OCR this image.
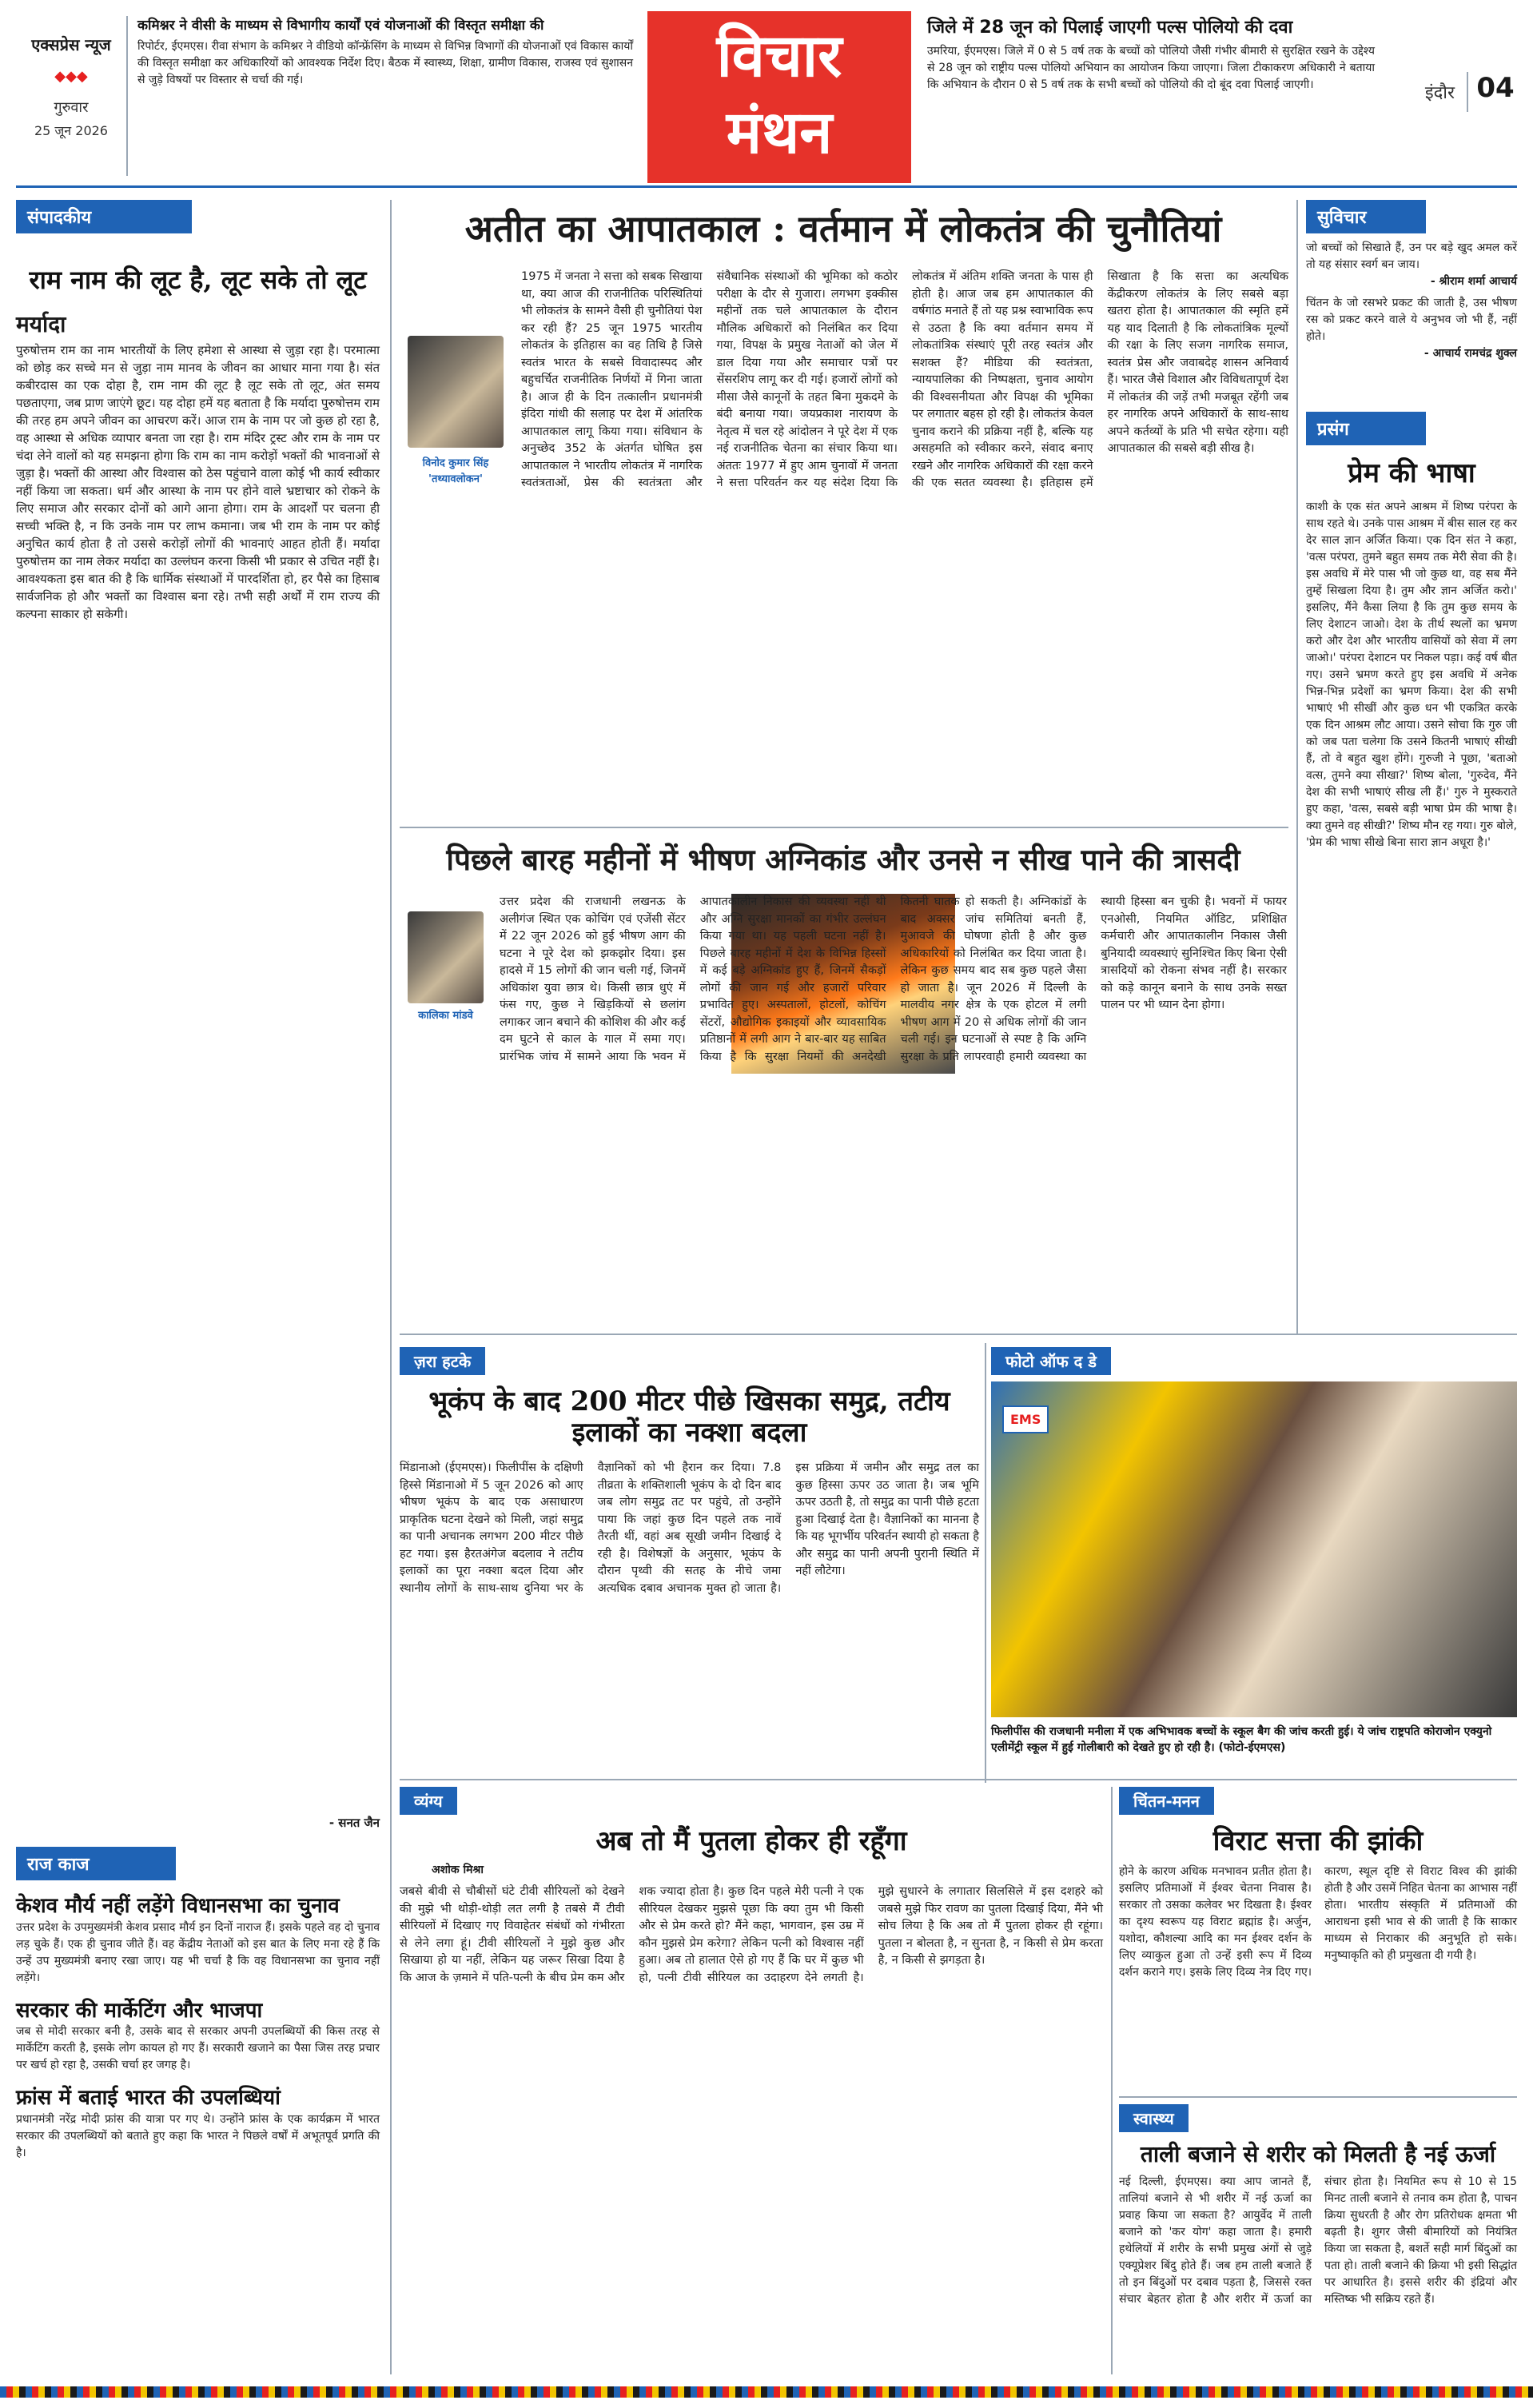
एक्सप्रेस न्यूज
◆◆◆
गुरुवार
25 जून 2026
कमिश्नर ने वीसी के माध्यम से विभागीय कार्यों एवं योजनाओं की विस्तृत समीक्षा की
रिपोर्टर, ईएमएस। रीवा संभाग के कमिश्नर ने वीडियो कॉन्फ्रेंसिंग के माध्यम से विभिन्न विभागों की योजनाओं एवं विकास कार्यों की विस्तृत समीक्षा कर अधिकारियों को आवश्यक निर्देश दिए। बैठक में स्वास्थ्य, शिक्षा, ग्रामीण विकास, राजस्व एवं सुशासन से जुड़े विषयों पर विस्तार से चर्चा की गई।	विचार
मंथन
जिले में 28 जून को पिलाई जाएगी पल्स पोलियो की दवा
उमरिया, ईएमएस। जिले में 0 से 5 वर्ष तक के बच्चों को पोलियो जैसी गंभीर बीमारी से सुरक्षित रखने के उद्देश्य से 28 जून को राष्ट्रीय पल्स पोलियो अभियान का आयोजन किया जाएगा। जिला टीकाकरण अधिकारी ने बताया कि अभियान के दौरान 0 से 5 वर्ष तक के सभी बच्चों को पोलियो की दो बूंद दवा पिलाई जाएगी।	इंदौर 04
संपादकीय
राम नाम की लूट है, लूट सके तो लूट
मर्यादा
पुरुषोत्तम राम का नाम भारतीयों के लिए हमेशा से आस्था से जुड़ा रहा है। परमात्मा को छोड़ कर सच्चे मन से जुड़ा नाम मानव के जीवन का आधार माना गया है। संत कबीरदास का एक दोहा है, राम नाम की लूट है लूट सके तो लूट, अंत समय पछताएगा, जब प्राण जाएंगे छूट। यह दोहा हमें यह बताता है कि मर्यादा पुरुषोत्तम राम की तरह हम अपने जीवन का आचरण करें। आज राम के नाम पर जो कुछ हो रहा है, वह आस्था से अधिक व्यापार बनता जा रहा है। राम मंदिर ट्रस्ट और राम के नाम पर चंदा लेने वालों को यह समझना होगा कि राम का नाम करोड़ों भक्तों की भावनाओं से जुड़ा है। भक्तों की आस्था और विश्वास को ठेस पहुंचाने वाला कोई भी कार्य स्वीकार नहीं किया जा सकता। धर्म और आस्था के नाम पर होने वाले भ्रष्टाचार को रोकने के लिए समाज और सरकार दोनों को आगे आना होगा। राम के आदर्शों पर चलना ही सच्ची भक्ति है, न कि उनके नाम पर लाभ कमाना। जब भी राम के नाम पर कोई अनुचित कार्य होता है तो उससे करोड़ों लोगों की भावनाएं आहत होती हैं। मर्यादा पुरुषोत्तम का नाम लेकर मर्यादा का उल्लंघन करना किसी भी प्रकार से उचित नहीं है। आवश्यकता इस बात की है कि धार्मिक संस्थाओं में पारदर्शिता हो, हर पैसे का हिसाब सार्वजनिक हो और भक्तों का विश्वास बना रहे। तभी सही अर्थों में राम राज्य की कल्पना साकार हो सकेगी।
- सनत जैन
राज काज
केशव मौर्य नहीं लड़ेंगे विधानसभा का चुनाव
उत्तर प्रदेश के उपमुख्यमंत्री केशव प्रसाद मौर्य इन दिनों नाराज हैं। इसके पहले वह दो चुनाव लड़ चुके हैं। एक ही चुनाव जीते हैं। वह केंद्रीय नेताओं को इस बात के लिए मना रहे हैं कि उन्हें उप मुख्यमंत्री बनाए रखा जाए। यह भी चर्चा है कि वह विधानसभा का चुनाव नहीं लड़ेंगे।
सरकार की मार्केटिंग और भाजपा
जब से मोदी सरकार बनी है, उसके बाद से सरकार अपनी उपलब्धियों की किस तरह से मार्केटिंग करती है, इसके लोग कायल हो गए हैं। सरकारी खजाने का पैसा जिस तरह प्रचार पर खर्च हो रहा है, उसकी चर्चा हर जगह है।
फ्रांस में बताई भारत की उपलब्धियां
प्रधानमंत्री नरेंद्र मोदी फ्रांस की यात्रा पर गए थे। उन्होंने फ्रांस के एक कार्यक्रम में भारत सरकार की उपलब्धियों को बताते हुए कहा कि भारत ने पिछले वर्षों में अभूतपूर्व प्रगति की है।
अतीत का आपातकाल : वर्तमान में लोकतंत्र की चुनौतियां
विनोद कुमार सिंह 'तथ्यावलोकन'
1975 में जनता ने सत्ता को सबक सिखाया था, क्या आज की राजनीतिक परिस्थितियां भी लोकतंत्र के सामने वैसी ही चुनौतियां पेश कर रही हैं? 25 जून 1975 भारतीय लोकतंत्र के इतिहास का वह तिथि है जिसे स्वतंत्र भारत के सबसे विवादास्पद और बहुचर्चित राजनीतिक निर्णयों में गिना जाता है। आज ही के दिन तत्कालीन प्रधानमंत्री इंदिरा गांधी की सलाह पर देश में आंतरिक आपातकाल लागू किया गया। संविधान के अनुच्छेद 352 के अंतर्गत घोषित इस आपातकाल ने भारतीय लोकतंत्र में नागरिक स्वतंत्रताओं, प्रेस की स्वतंत्रता और संवैधानिक संस्थाओं की भूमिका को कठोर परीक्षा के दौर से गुजारा। लगभग इक्कीस महीनों तक चले आपातकाल के दौरान मौलिक अधिकारों को निलंबित कर दिया गया, विपक्ष के प्रमुख नेताओं को जेल में डाल दिया गया और समाचार पत्रों पर सेंसरशिप लागू कर दी गई। हजारों लोगों को मीसा जैसे कानूनों के तहत बिना मुकदमे के बंदी बनाया गया। जयप्रकाश नारायण के नेतृत्व में चल रहे आंदोलन ने पूरे देश में एक नई राजनीतिक चेतना का संचार किया था। अंततः 1977 में हुए आम चुनावों में जनता ने सत्ता परिवर्तन कर यह संदेश दिया कि लोकतंत्र में अंतिम शक्ति जनता के पास ही होती है। आज जब हम आपातकाल की वर्षगांठ मनाते हैं तो यह प्रश्न स्वाभाविक रूप से उठता है कि क्या वर्तमान समय में लोकतांत्रिक संस्थाएं पूरी तरह स्वतंत्र और सशक्त हैं? मीडिया की स्वतंत्रता, न्यायपालिका की निष्पक्षता, चुनाव आयोग की विश्वसनीयता और विपक्ष की भूमिका पर लगातार बहस हो रही है। लोकतंत्र केवल चुनाव कराने की प्रक्रिया नहीं है, बल्कि यह असहमति को स्वीकार करने, संवाद बनाए रखने और नागरिक अधिकारों की रक्षा करने की एक सतत व्यवस्था है। इतिहास हमें सिखाता है कि सत्ता का अत्यधिक केंद्रीकरण लोकतंत्र के लिए सबसे बड़ा खतरा होता है। आपातकाल की स्मृति हमें यह याद दिलाती है कि लोकतांत्रिक मूल्यों की रक्षा के लिए सजग नागरिक समाज, स्वतंत्र प्रेस और जवाबदेह शासन अनिवार्य हैं। भारत जैसे विशाल और विविधतापूर्ण देश में लोकतंत्र की जड़ें तभी मजबूत रहेंगी जब हर नागरिक अपने अधिकारों के साथ-साथ अपने कर्तव्यों के प्रति भी सचेत रहेगा। यही आपातकाल की सबसे बड़ी सीख है।
सुविचार
जो बच्चों को सिखाते हैं, उन पर बड़े खुद अमल करें तो यह संसार स्वर्ग बन जाय।
- श्रीराम शर्मा आचार्य
चिंतन के जो रसभरे प्रकट की जाती है, उस भीषण रस को प्रकट करने वाले ये अनुभव जो भी हैं, नहीं होते।
- आचार्य रामचंद्र शुक्ल
प्रसंग
प्रेम की भाषा
काशी के एक संत अपने आश्रम में शिष्य परंपरा के साथ रहते थे। उनके पास आश्रम में बीस साल रह कर देर साल ज्ञान अर्जित किया। एक दिन संत ने कहा, 'वत्स परंपरा, तुमने बहुत समय तक मेरी सेवा की है। इस अवधि में मेरे पास भी जो कुछ था, वह सब मैंने तुम्हें सिखला दिया है। तुम और ज्ञान अर्जित करो।' इसलिए, मैंने कैसा लिया है कि तुम कुछ समय के लिए देशाटन जाओ। देश के तीर्थ स्थलों का भ्रमण करो और देश और भारतीय वासियों को सेवा में लग जाओ।' परंपरा देशाटन पर निकल पड़ा। कई वर्ष बीत गए। उसने भ्रमण करते हुए इस अवधि में अनेक भिन्न-भिन्न प्रदेशों का भ्रमण किया। देश की सभी भाषाएं भी सीखीं और कुछ धन भी एकत्रित करके एक दिन आश्रम लौट आया। उसने सोचा कि गुरु जी को जब पता चलेगा कि उसने कितनी भाषाएं सीखी हैं, तो वे बहुत खुश होंगे। गुरुजी ने पूछा, 'बताओ वत्स, तुमने क्या सीखा?' शिष्य बोला, 'गुरुदेव, मैंने देश की सभी भाषाएं सीख ली हैं।' गुरु ने मुस्कराते हुए कहा, 'वत्स, सबसे बड़ी भाषा प्रेम की भाषा है। क्या तुमने वह सीखी?' शिष्य मौन रह गया। गुरु बोले, 'प्रेम की भाषा सीखे बिना सारा ज्ञान अधूरा है।'
पिछले बारह महीनों में भीषण अग्निकांड और उनसे न सीख पाने की त्रासदी
कालिका मांडवे
उत्तर प्रदेश की राजधानी लखनऊ के अलीगंज स्थित एक कोचिंग एवं एजेंसी सेंटर में 22 जून 2026 को हुई भीषण आग की घटना ने पूरे देश को झकझोर दिया। इस हादसे में 15 लोगों की जान चली गई, जिनमें अधिकांश युवा छात्र थे। किसी छात्र धुएं में फंस गए, कुछ ने खिड़कियों से छलांग लगाकर जान बचाने की कोशिश की और कई दम घुटने से काल के गाल में समा गए। प्रारंभिक जांच में सामने आया कि भवन में आपातकालीन निकास की व्यवस्था नहीं थी और अग्नि सुरक्षा मानकों का गंभीर उल्लंघन किया गया था। यह पहली घटना नहीं है। पिछले बारह महीनों में देश के विभिन्न हिस्सों में कई बड़े अग्निकांड हुए हैं, जिनमें सैकड़ों लोगों की जान गई और हजारों परिवार प्रभावित हुए। अस्पतालों, होटलों, कोचिंग सेंटरों, औद्योगिक इकाइयों और व्यावसायिक प्रतिष्ठानों में लगी आग ने बार-बार यह साबित किया है कि सुरक्षा नियमों की अनदेखी कितनी घातक हो सकती है। अग्निकांडों के बाद अक्सर जांच समितियां बनती हैं, मुआवजे की घोषणा होती है और कुछ अधिकारियों को निलंबित कर दिया जाता है। लेकिन कुछ समय बाद सब कुछ पहले जैसा हो जाता है। जून 2026 में दिल्ली के मालवीय नगर क्षेत्र के एक होटल में लगी भीषण आग में 20 से अधिक लोगों की जान चली गई। इन घटनाओं से स्पष्ट है कि अग्नि सुरक्षा के प्रति लापरवाही हमारी व्यवस्था का स्थायी हिस्सा बन चुकी है। भवनों में फायर एनओसी, नियमित ऑडिट, प्रशिक्षित कर्मचारी और आपातकालीन निकास जैसी बुनियादी व्यवस्थाएं सुनिश्चित किए बिना ऐसी त्रासदियों को रोकना संभव नहीं है। सरकार को कड़े कानून बनाने के साथ उनके सख्त पालन पर भी ध्यान देना होगा।
ज़रा हटके
भूकंप के बाद 200 मीटर पीछे खिसका समुद्र, तटीय इलाकों का नक्शा बदला
मिंडानाओ (ईएमएस)। फिलीपींस के दक्षिणी हिस्से मिंडानाओ में 5 जून 2026 को आए भीषण भूकंप के बाद एक असाधारण प्राकृतिक घटना देखने को मिली, जहां समुद्र का पानी अचानक लगभग 200 मीटर पीछे हट गया। इस हैरतअंगेज बदलाव ने तटीय इलाकों का पूरा नक्शा बदल दिया और स्थानीय लोगों के साथ-साथ दुनिया भर के वैज्ञानिकों को भी हैरान कर दिया। 7.8 तीव्रता के शक्तिशाली भूकंप के दो दिन बाद जब लोग समुद्र तट पर पहुंचे, तो उन्होंने पाया कि जहां कुछ दिन पहले तक नावें तैरती थीं, वहां अब सूखी जमीन दिखाई दे रही है। विशेषज्ञों के अनुसार, भूकंप के दौरान पृथ्वी की सतह के नीचे जमा अत्यधिक दबाव अचानक मुक्त हो जाता है। इस प्रक्रिया में जमीन और समुद्र तल का कुछ हिस्सा ऊपर उठ जाता है। जब भूमि ऊपर उठती है, तो समुद्र का पानी पीछे हटता हुआ दिखाई देता है। वैज्ञानिकों का मानना है कि यह भूगर्भीय परिवर्तन स्थायी हो सकता है और समुद्र का पानी अपनी पुरानी स्थिति में नहीं लौटेगा।
फोटो ऑफ द डे
EMS
फिलीपींस की राजधानी मनीला में एक अभिभावक बच्चों के स्कूल बैग की जांच करती हुई। ये जांच राष्ट्रपति कोराजोन एक्युनो एलीमेंट्री स्कूल में हुई गोलीबारी को देखते हुए हो रही है। (फोटो-ईएमएस)
व्यंग्य
अब तो मैं पुतला होकर ही रहूँगा
अशोक मिश्रा
जबसे बीवी से चौबीसों घंटे टीवी सीरियलों को देखने की मुझे भी थोड़ी-थोड़ी लत लगी है तबसे मैं टीवी सीरियलों में दिखाए गए विवाहेतर संबंधों को गंभीरता से लेने लगा हूं। टीवी सीरियलों ने मुझे कुछ और सिखाया हो या नहीं, लेकिन यह जरूर सिखा दिया है कि आज के ज़माने में पति-पत्नी के बीच प्रेम कम और शक ज्यादा होता है। कुछ दिन पहले मेरी पत्नी ने एक सीरियल देखकर मुझसे पूछा कि क्या तुम भी किसी और से प्रेम करते हो? मैंने कहा, भागवान, इस उम्र में कौन मुझसे प्रेम करेगा? लेकिन पत्नी को विश्वास नहीं हुआ। अब तो हालात ऐसे हो गए हैं कि घर में कुछ भी हो, पत्नी टीवी सीरियल का उदाहरण देने लगती है। मुझे सुधारने के लगातार सिलसिले में इस दशहरे को जबसे मुझे फिर रावण का पुतला दिखाई दिया, मैंने भी सोच लिया है कि अब तो मैं पुतला होकर ही रहूंगा। पुतला न बोलता है, न सुनता है, न किसी से प्रेम करता है, न किसी से झगड़ता है।
चिंतन-मनन
विराट सत्ता की झांकी
होने के कारण अधिक मनभावन प्रतीत होता है। इसलिए प्रतिमाओं में ईश्वर चेतना निवास है। सरकार तो उसका कलेवर भर दिखता है। ईश्वर का दृश्य स्वरूप यह विराट ब्रह्मांड है। अर्जुन, यशोदा, कौशल्या आदि का मन ईश्वर दर्शन के लिए व्याकुल हुआ तो उन्हें इसी रूप में दिव्य दर्शन कराने गए। इसके लिए दिव्य नेत्र दिए गए। कारण, स्थूल दृष्टि से विराट विश्व की झांकी होती है और उसमें निहित चेतना का आभास नहीं होता। भारतीय संस्कृति में प्रतिमाओं की आराधना इसी भाव से की जाती है कि साकार माध्यम से निराकार की अनुभूति हो सके। मनुष्याकृति को ही प्रमुखता दी गयी है।
स्वास्थ्य
ताली बजाने से शरीर को मिलती है नई ऊर्जा
नई दिल्ली, ईएमएस। क्या आप जानते हैं, तालियां बजाने से भी शरीर में नई ऊर्जा का प्रवाह किया जा सकता है? आयुर्वेद में ताली बजाने को 'कर योग' कहा जाता है। हमारी हथेलियों में शरीर के सभी प्रमुख अंगों से जुड़े एक्यूप्रेशर बिंदु होते हैं। जब हम ताली बजाते हैं तो इन बिंदुओं पर दबाव पड़ता है, जिससे रक्त संचार बेहतर होता है और शरीर में ऊर्जा का संचार होता है। नियमित रूप से 10 से 15 मिनट ताली बजाने से तनाव कम होता है, पाचन क्रिया सुधरती है और रोग प्रतिरोधक क्षमता भी बढ़ती है। शुगर जैसी बीमारियों को नियंत्रित किया जा सकता है, बशर्ते सही मार्ग बिंदुओं का पता हो। ताली बजाने की क्रिया भी इसी सिद्धांत पर आधारित है। इससे शरीर की इंद्रियां और मस्तिष्क भी सक्रिय रहते हैं।
